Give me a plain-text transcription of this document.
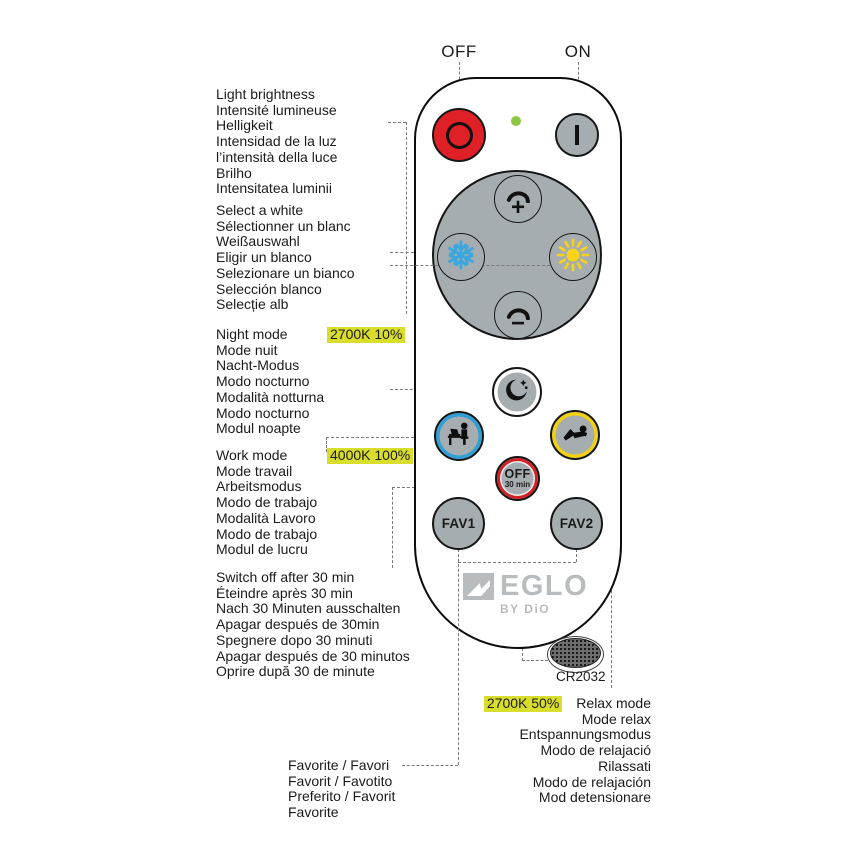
OFF	ON
+
−
OFF
30 min
FAV1	FAV2
EGLO
BY DiO
CR2032
Light brightness
Intensité lumineuse
Helligkeit
Intensidad de la luz
l’intensità della luce
Brilho
Intensitatea luminii
Select a white
Sélectionner un blanc
Weißauswahl
Eligir un blanco
Selezionare un bianco
Selección blanco
Selecție alb
Night mode	2700K 10%
Mode nuit
Nacht-Modus
Modo nocturno
Modalità notturna
Modo nocturno
Modul noapte
Work mode	4000K 100%
Mode travail
Arbeitsmodus
Modo de trabajo
Modalità Lavoro
Modo de trabajo
Modul de lucru
Switch off after 30 min
Éteindre après 30 min
Nach 30 Minuten ausschalten
Apagar después de 30min
Spegnere dopo 30 minuti
Apagar después de 30 minutos
Oprire după 30 de minute
Favorite / Favori
Favorit / Favotito
Preferito / Favorit
Favorite
2700K 50% Relax mode
Mode relax
Entspannungsmodus
Modo de relajació
Rilassati
Modo de relajación
Mod detensionare
